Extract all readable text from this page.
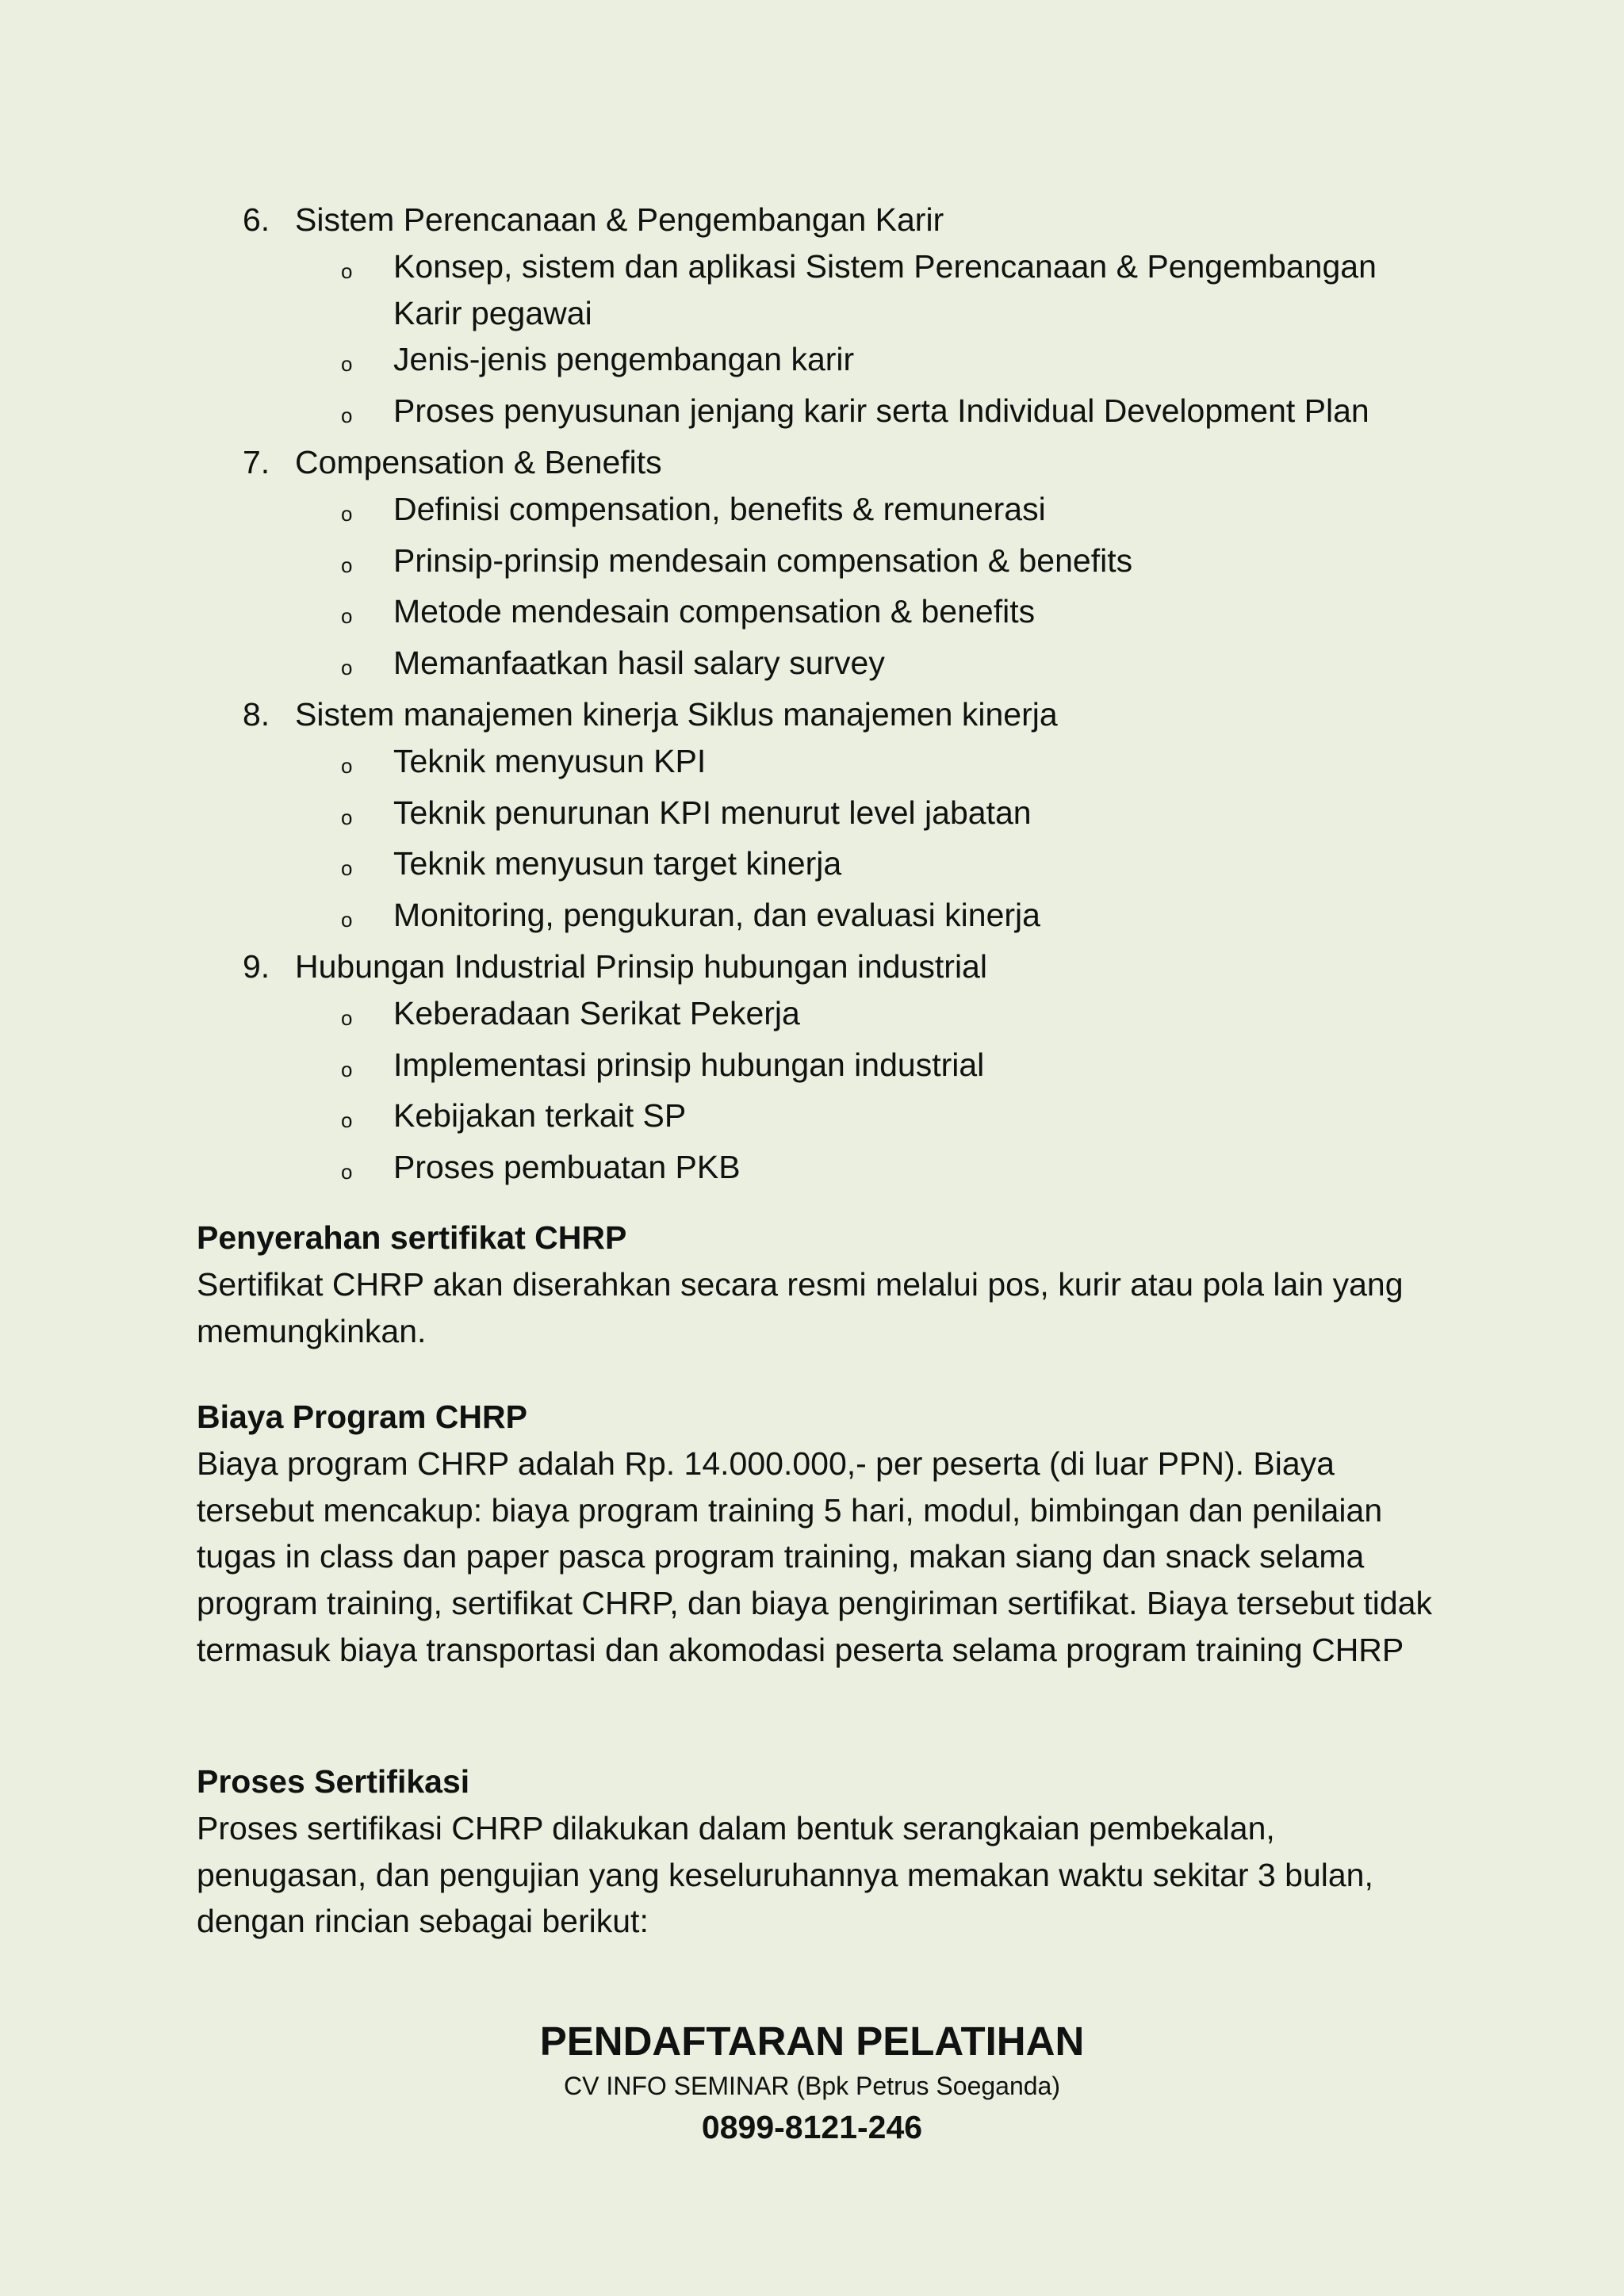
6. Sistem Perencanaan & Pengembangan Karir
o	Konsep, sistem dan aplikasi Sistem Perencanaan & Pengembangan Karir pegawai
o	Jenis-jenis pengembangan karir
o	Proses penyusunan jenjang karir serta Individual Development Plan
7. Compensation & Benefits
o	Definisi compensation, benefits & remunerasi
o	Prinsip-prinsip mendesain compensation & benefits
o	Metode mendesain compensation & benefits
o	Memanfaatkan hasil salary survey
8. Sistem manajemen kinerja Siklus manajemen kinerja
o	Teknik menyusun KPI
o	Teknik penurunan KPI menurut level jabatan
o	Teknik menyusun target kinerja
o	Monitoring, pengukuran, dan evaluasi kinerja
9. Hubungan Industrial Prinsip hubungan industrial
o	Keberadaan Serikat Pekerja
o	Implementasi prinsip hubungan industrial
o	Kebijakan terkait SP
o	Proses pembuatan PKB

Penyerahan sertifikat CHRP

Sertifikat CHRP akan diserahkan secara resmi melalui pos, kurir atau pola lain yang memungkinkan.

Biaya Program CHRP

Biaya program CHRP adalah Rp. 14.000.000,- per peserta (di luar PPN). Biaya tersebut mencakup: biaya program training 5 hari, modul, bimbingan dan penilaian tugas in class dan paper pasca program training, makan siang dan snack selama program training, sertifikat CHRP, dan biaya pengiriman sertifikat. Biaya tersebut tidak termasuk biaya transportasi dan akomodasi peserta selama program training CHRP

Proses Sertifikasi

Proses sertifikasi CHRP dilakukan dalam bentuk serangkaian pembekalan, penugasan, dan pengujian yang keseluruhannya memakan waktu sekitar 3 bulan, dengan rincian sebagai berikut:

PENDAFTARAN PELATIHAN
CV INFO SEMINAR (Bpk Petrus Soeganda)
0899-8121-246
